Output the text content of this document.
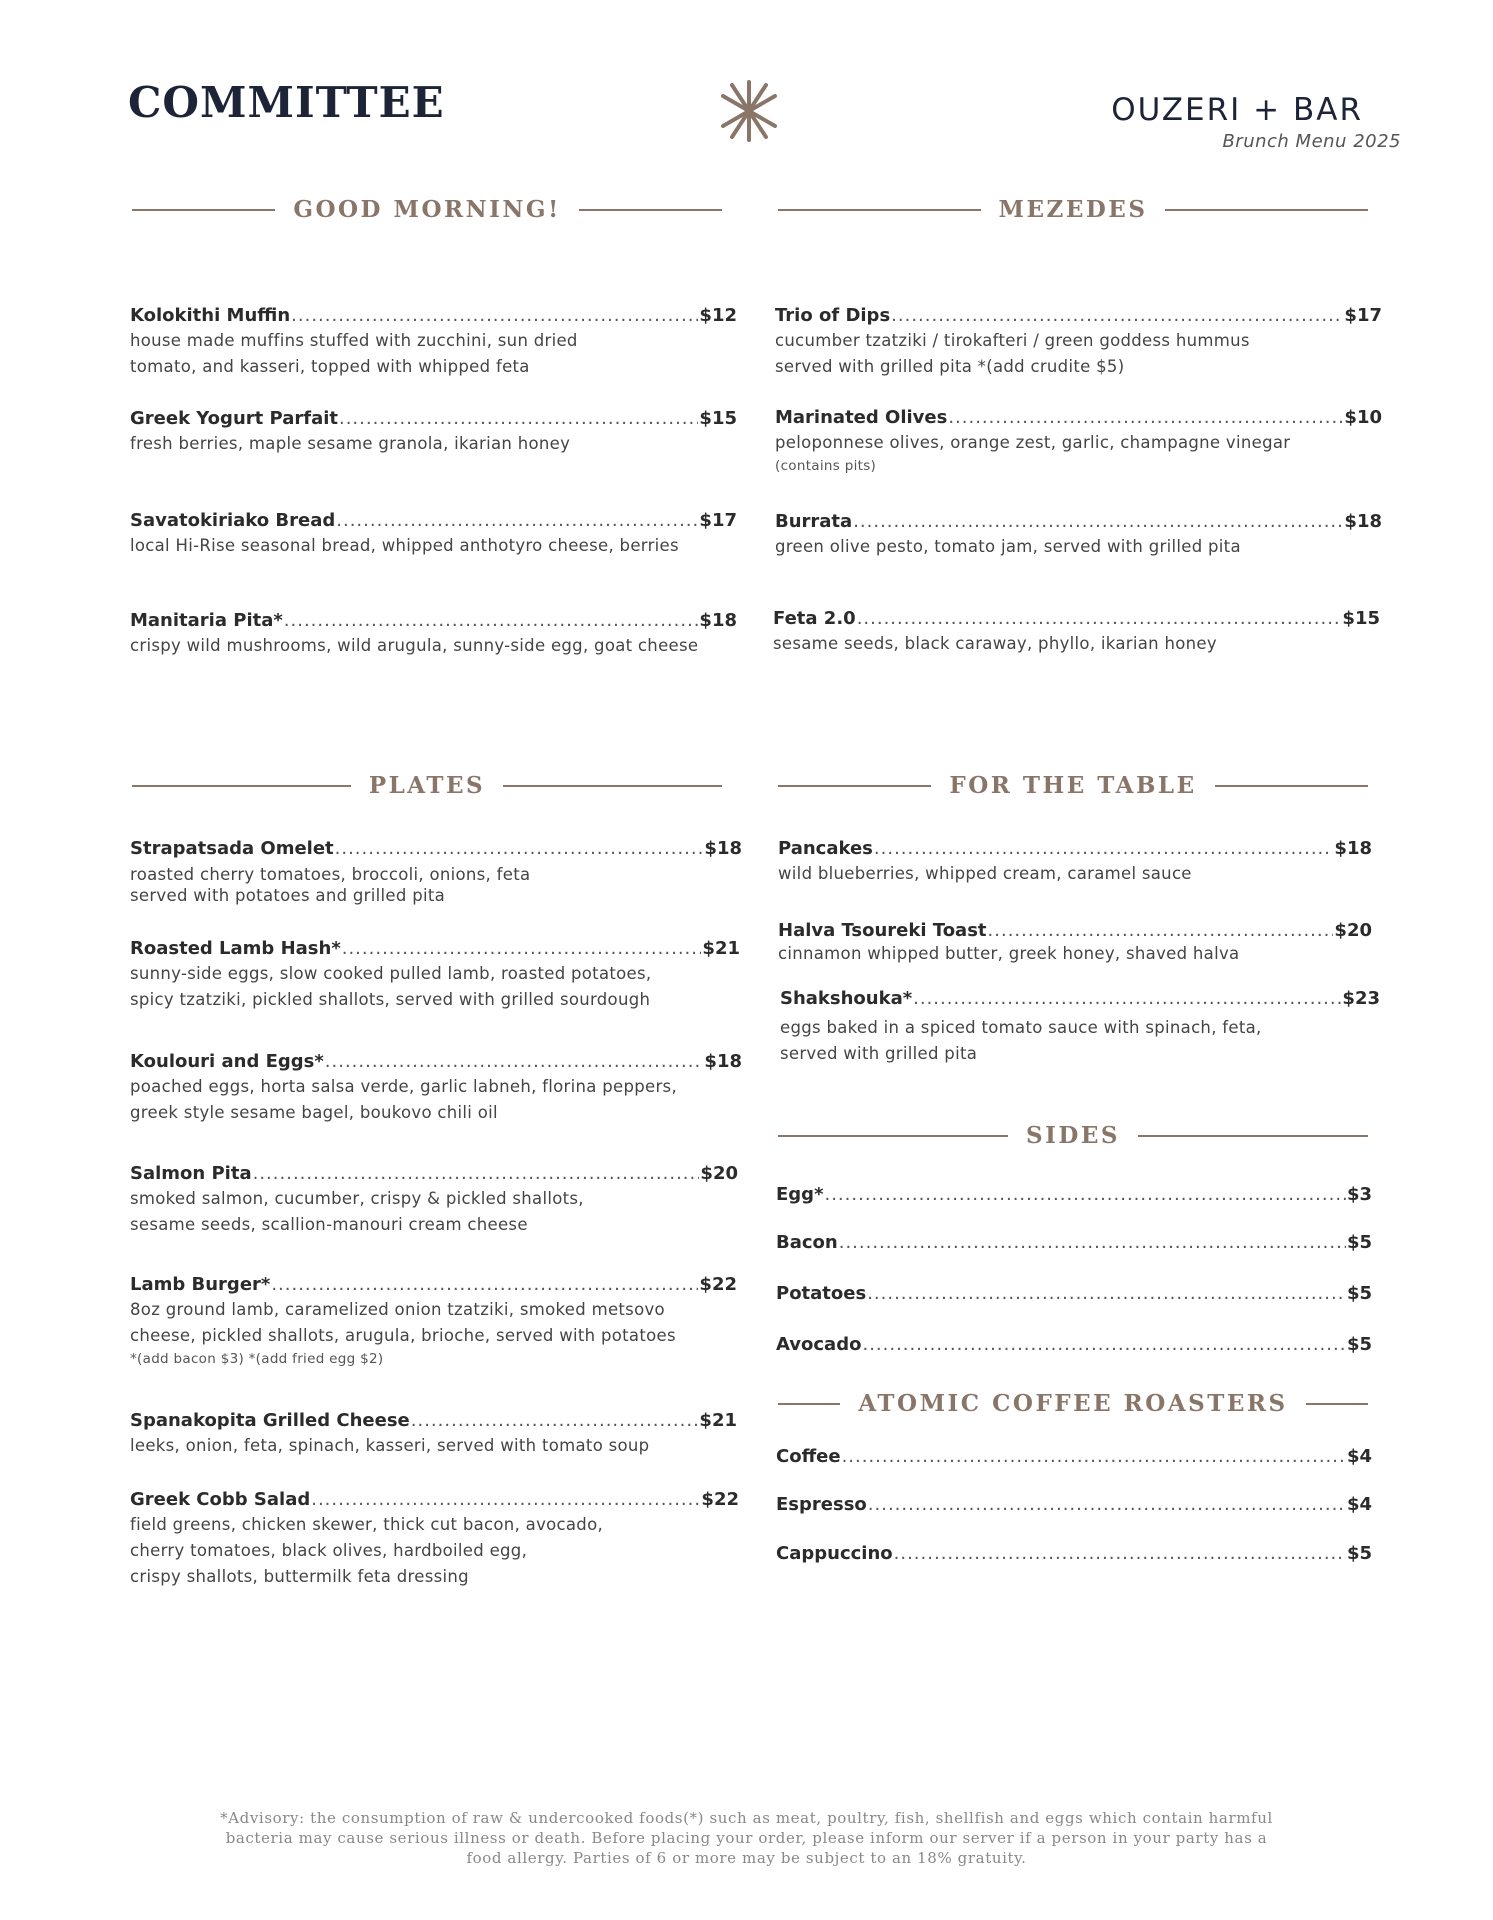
COMMITTEE	OUZERI + BAR
Brunch Menu 2025
GOOD MORNING!	MEZEDES
PLATES	FOR THE TABLE
SIDES
ATOMIC COFFEE ROASTERS
Kolokithi Muffin .....	$12
house made muffins stuffed with zucchini, sun dried
tomato, and kasseri, topped with whipped feta
Greek Yogurt Parfait .....	$15
fresh berries, maple sesame granola, ikarian honey
Savatokiriako Bread .....	$17
local Hi-Rise seasonal bread, whipped anthotyro cheese, berries
Manitaria Pita* .....	$18
crispy wild mushrooms, wild arugula, sunny-side egg, goat cheese
Trio of Dips .....	$17
cucumber tzatziki / tirokafteri / green goddess hummus
served with grilled pita *(add crudite $5)
Marinated Olives .....	$10
peloponnese olives, orange zest, garlic, champagne vinegar
(contains pits)
Burrata .....	$18
green olive pesto, tomato jam, served with grilled pita
Feta 2.0 .....	$15
sesame seeds, black caraway, phyllo, ikarian honey
Strapatsada Omelet .....	$18
roasted cherry tomatoes, broccoli, onions, feta
served with potatoes and grilled pita
Roasted Lamb Hash* .....	$21
sunny-side eggs, slow cooked pulled lamb, roasted potatoes,
spicy tzatziki, pickled shallots, served with grilled sourdough
Koulouri and Eggs* .....	$18
poached eggs, horta salsa verde, garlic labneh, florina peppers,
greek style sesame bagel, boukovo chili oil
Salmon Pita .....	$20
smoked salmon, cucumber, crispy & pickled shallots,
sesame seeds, scallion-manouri cream cheese
Lamb Burger* .....	$22
8oz ground lamb, caramelized onion tzatziki, smoked metsovo
cheese, pickled shallots, arugula, brioche, served with potatoes
*(add bacon $3) *(add fried egg $2)
Spanakopita Grilled Cheese .....	$21
leeks, onion, feta, spinach, kasseri, served with tomato soup
Greek Cobb Salad .....	$22
field greens, chicken skewer, thick cut bacon, avocado,
cherry tomatoes, black olives, hardboiled egg,
crispy shallots, buttermilk feta dressing
Pancakes .....	$18
wild blueberries, whipped cream, caramel sauce
Halva Tsoureki Toast .....	$20
cinnamon whipped butter, greek honey, shaved halva
Shakshouka* .....	$23
eggs baked in a spiced tomato sauce with spinach, feta,
served with grilled pita
Egg* .....	$3
Bacon .....	$5
Potatoes .....	$5
Avocado .....	$5
Coffee .....	$4
Espresso .....	$4
Cappuccino .....	$5
*Advisory: the consumption of raw & undercooked foods(*) such as meat, poultry, fish, shellfish and eggs which contain harmful bacteria may cause serious illness or death. Before placing your order, please inform our server if a person in your party has a food allergy. Parties of 6 or more may be subject to an 18% gratuity.
